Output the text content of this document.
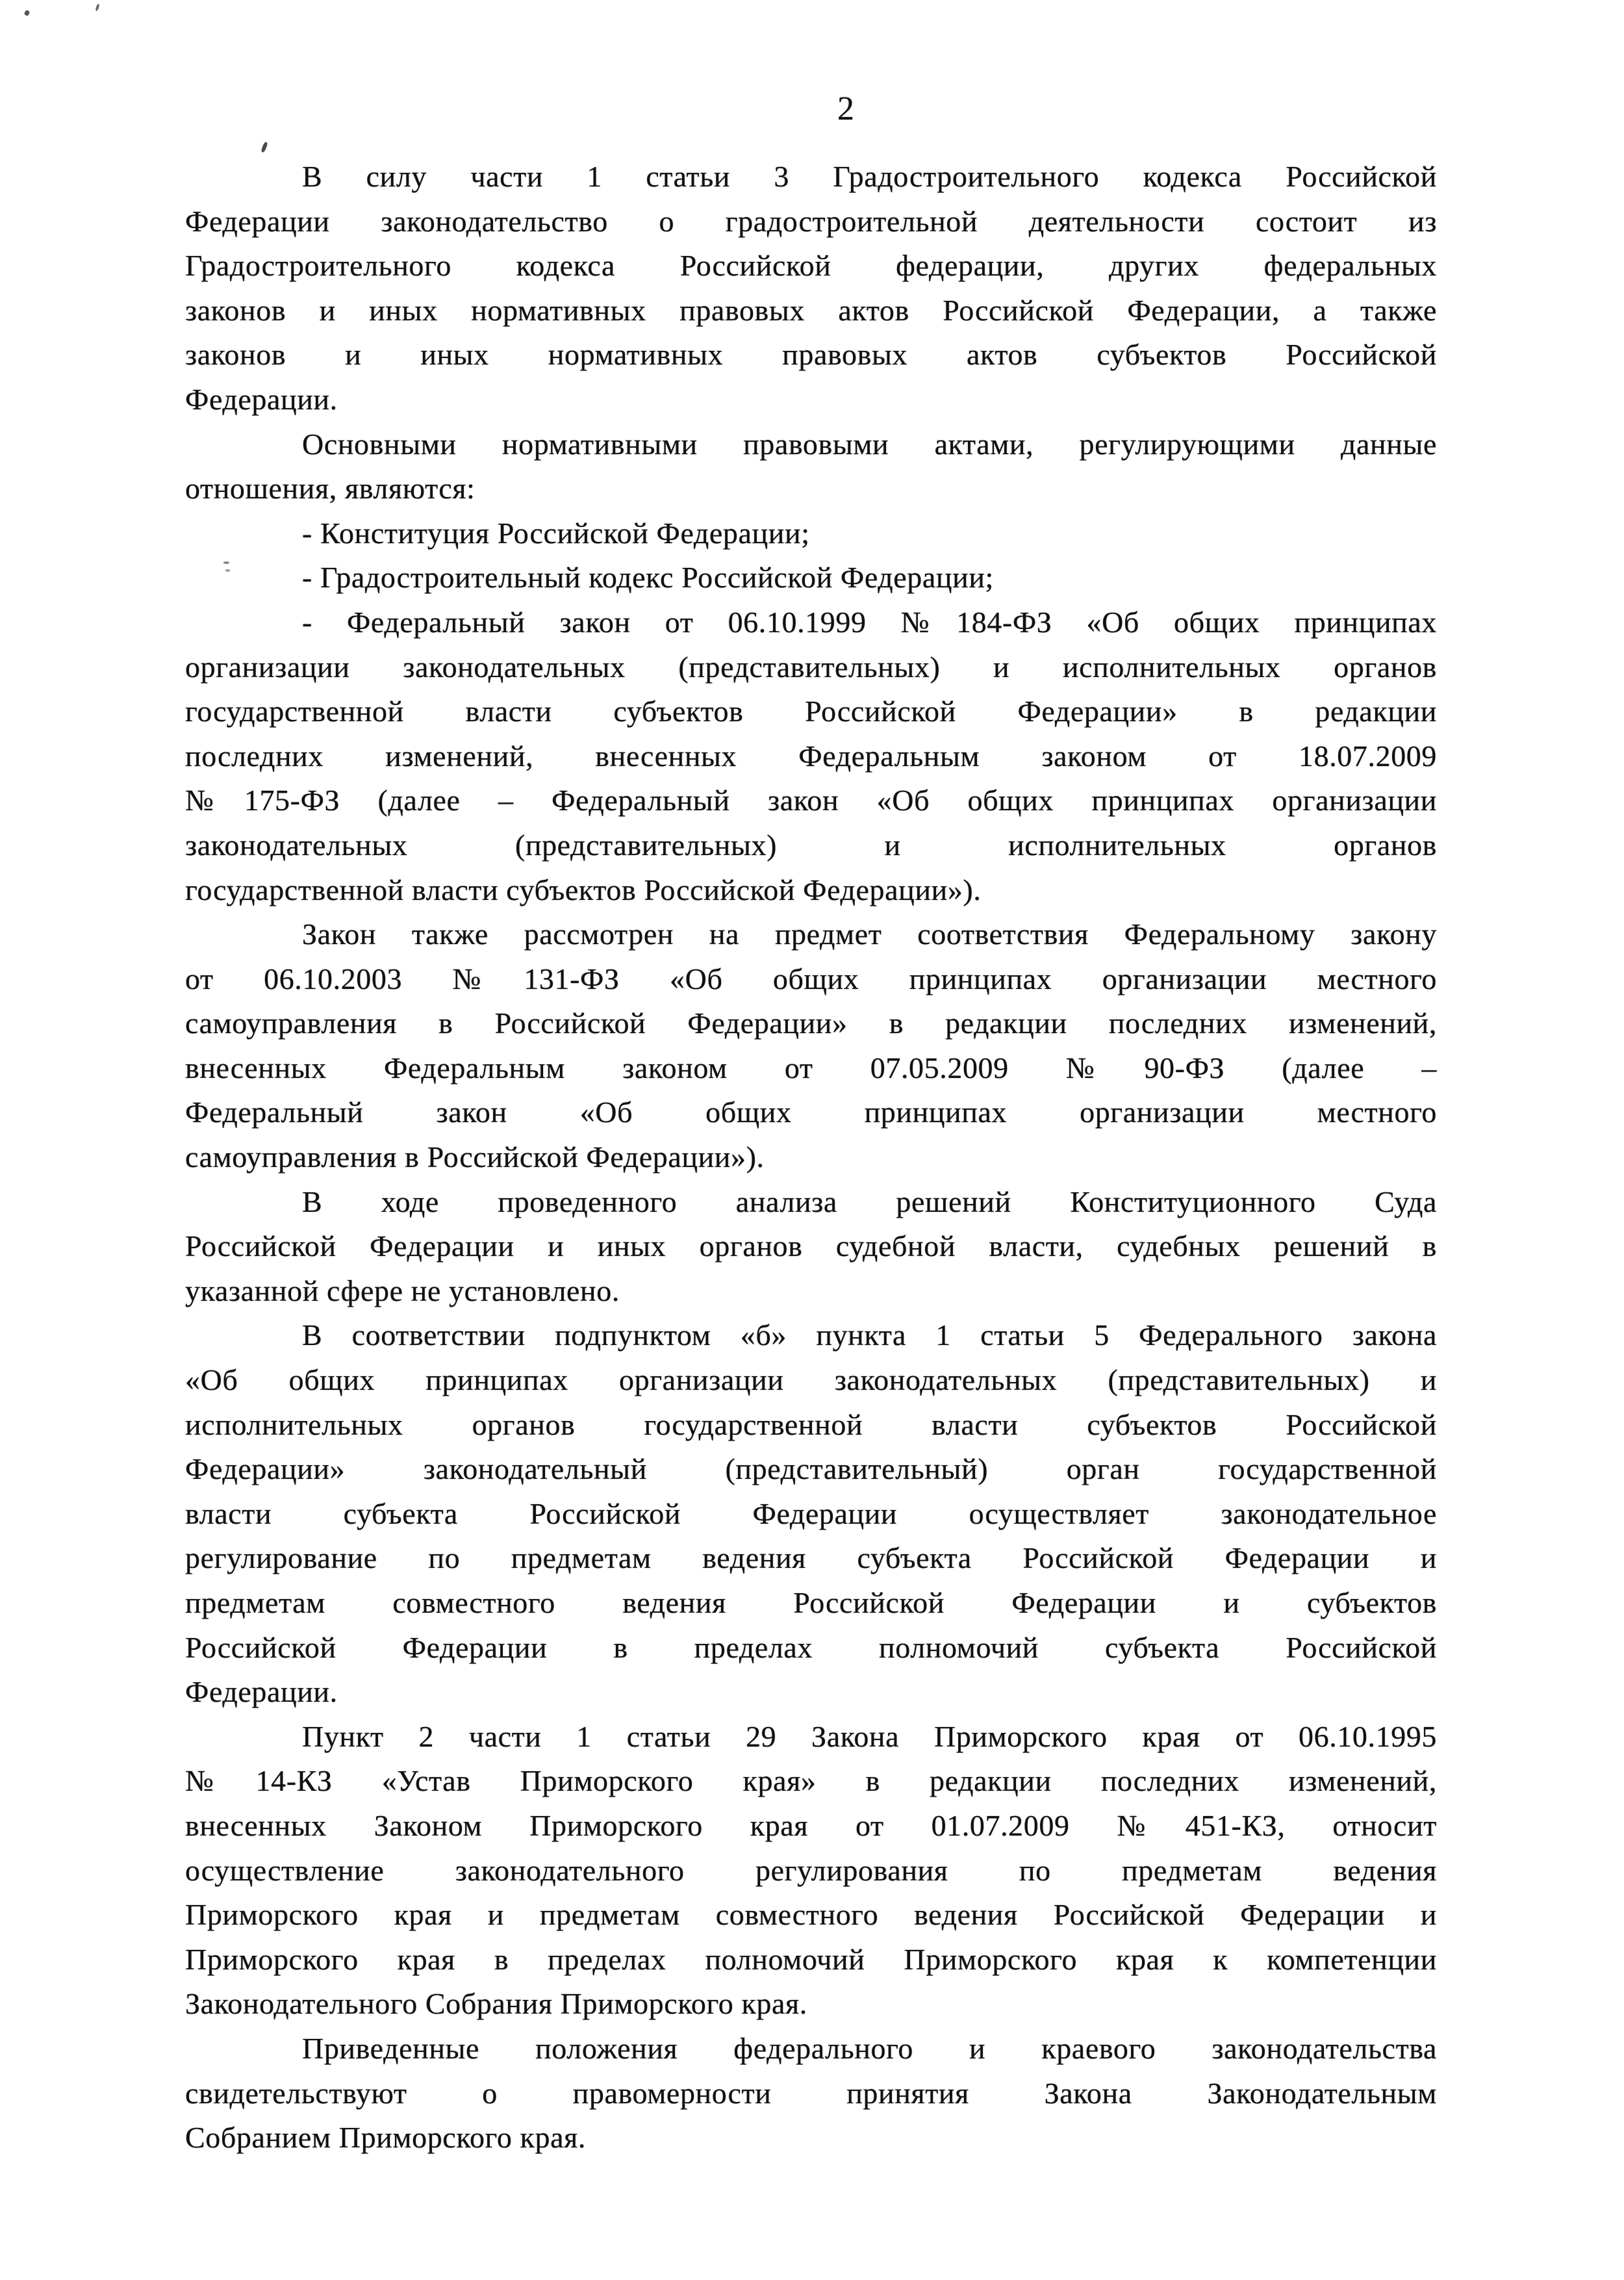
2
В силу части 1 статьи 3 Градостроительного кодекса Российской
Федерации законодательство о градостроительной деятельности состоит из
Градостроительного кодекса Российской федерации, других федеральных
законов и иных нормативных правовых актов Российской Федерации, а также
законов и иных нормативных правовых актов субъектов Российской
Федерации.
Основными нормативными правовыми актами, регулирующими данные
отношения, являются:
- Конституция Российской Федерации;
- Градостроительный кодекс Российской Федерации;
- Федеральный закон от 06.10.1999 №184-ФЗ «Об общих принципах
организации законодательных (представительных) и исполнительных органов
государственной власти субъектов Российской Федерации» в редакции
последних изменений, внесенных Федеральным законом от 18.07.2009
№175-ФЗ (далее – Федеральный закон «Об общих принципах организации
законодательных (представительных) и исполнительных органов
государственной власти субъектов Российской Федерации»).
Закон также рассмотрен на предмет соответствия Федеральному закону
от 06.10.2003 №131-ФЗ «Об общих принципах организации местного
самоуправления в Российской Федерации» в редакции последних изменений,
внесенных Федеральным законом от 07.05.2009 №90-ФЗ (далее –
Федеральный закон «Об общих принципах организации местного
самоуправления в Российской Федерации»).
В ходе проведенного анализа решений Конституционного Суда
Российской Федерации и иных органов судебной власти, судебных решений в
указанной сфере не установлено.
В соответствии подпунктом «б» пункта 1 статьи 5 Федерального закона
«Об общих принципах организации законодательных (представительных) и
исполнительных органов государственной власти субъектов Российской
Федерации» законодательный (представительный) орган государственной
власти субъекта Российской Федерации осуществляет законодательное
регулирование по предметам ведения субъекта Российской Федерации и
предметам совместного ведения Российской Федерации и субъектов
Российской Федерации в пределах полномочий субъекта Российской
Федерации.
Пункт 2 части 1 статьи 29 Закона Приморского края от 06.10.1995
№14-КЗ «Устав Приморского края» в редакции последних изменений,
внесенных Законом Приморского края от 01.07.2009 №451-КЗ, относит
осуществление законодательного регулирования по предметам ведения
Приморского края и предметам совместного ведения Российской Федерации и
Приморского края в пределах полномочий Приморского края к компетенции
Законодательного Собрания Приморского края.
Приведенные положения федерального и краевого законодательства
свидетельствуют о правомерности принятия Закона Законодательным
Собранием Приморского края.
